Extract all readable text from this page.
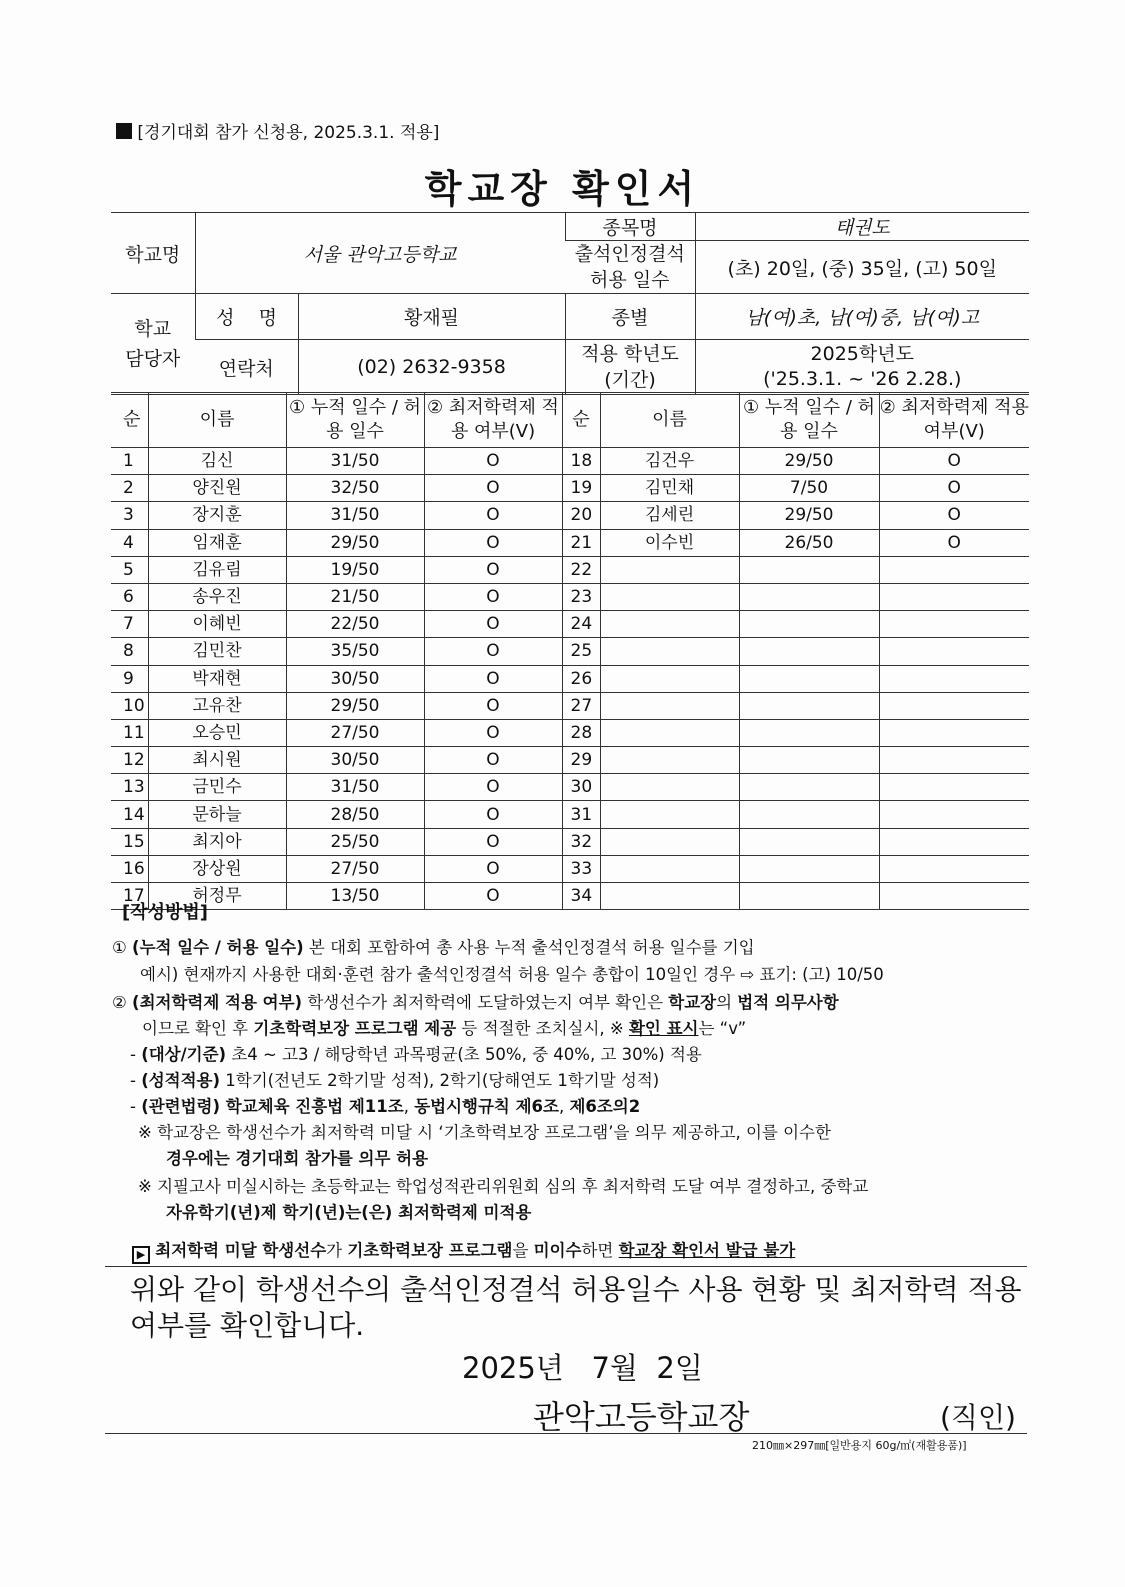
[경기대회 참가 신청용, 2025.3.1. 적용]
학교장 확인서
학교명	서울 관악고등학교		종목명	태권도
			출석인정결석 허용 일수	(초) 20일, (중) 35일, (고) 50일
학교 담당자	성    명	황재필	종별	남(여)초, 남(여)중, 남(여)고
	연락처	(02) 2632-9358	적용 학년도 (기간)	2025학년도
('25.3.1. ~ '26 2.28.)
순	이름	① 누적 일수 / 허용 일수	② 최저학력제 적용 여부(V)	순	이름	① 누적 일수 / 허용 일수	② 최저학력제 적용 여부(V)
1	김신	31/50	O	18	김건우	29/50	O
2	양진원	32/50	O	19	김민채	7/50	O
3	장지훈	31/50	O	20	김세린	29/50	O
4	임재훈	29/50	O	21	이수빈	26/50	O
5	김유림	19/50	O	22			
6	송우진	21/50	O	23			
7	이혜빈	22/50	O	24			
8	김민찬	35/50	O	25			
9	박재현	30/50	O	26			
10	고유찬	29/50	O	27			
11	오승민	27/50	O	28			
12	최시원	30/50	O	29			
13	금민수	31/50	O	30			
14	문하늘	28/50	O	31			
15	최지아	25/50	O	32			
16	장상원	27/50	O	33			
17	허정무	13/50	O	34			
[작성방법]
① (누적 일수 / 허용 일수) 본 대회 포함하여 총 사용 누적 출석인정결석 허용 일수를 기입
예시) 현재까지 사용한 대회·훈련 참가 출석인정결석 허용 일수 총합이 10일인 경우 ⇨ 표기: (고) 10/50
② (최저학력제 적용 여부) 학생선수가 최저학력에 도달하였는지 여부 확인은 학교장의 법적 의무사항
이므로 확인 후 기초학력보장 프로그램 제공 등 적절한 조치실시, ※ 확인 표시는 “v”
- (대상/기준) 초4 ~ 고3 / 해당학년 과목평균(초 50%, 중 40%, 고 30%) 적용
- (성적적용) 1학기(전년도 2학기말 성적), 2학기(당해연도 1학기말 성적)
- (관련법령) 학교체육 진흥법 제11조, 동법시행규칙 제6조, 제6조의2
※ 학교장은 학생선수가 최저학력 미달 시 ‘기초학력보장 프로그램’을 의무 제공하고, 이를 이수한
경우에는 경기대회 참가를 의무 허용
※ 지필고사 미실시하는 초등학교는 학업성적관리위원회 심의 후 최저학력 도달 여부 결정하고, 중학교
자유학기(년)제 학기(년)는(은) 최저학력제 미적용
▶ 최저학력 미달 학생선수가 기초학력보장 프로그램을 미이수하면 학교장 확인서 발급 불가
위와 같이 학생선수의 출석인정결석 허용일수 사용 현황 및 최저학력 적용 여부를 확인합니다.
2025년   7월  2일
관악고등학교장	(직인)
210㎜×297㎜[일반용지 60g/㎡(재활용품)]
